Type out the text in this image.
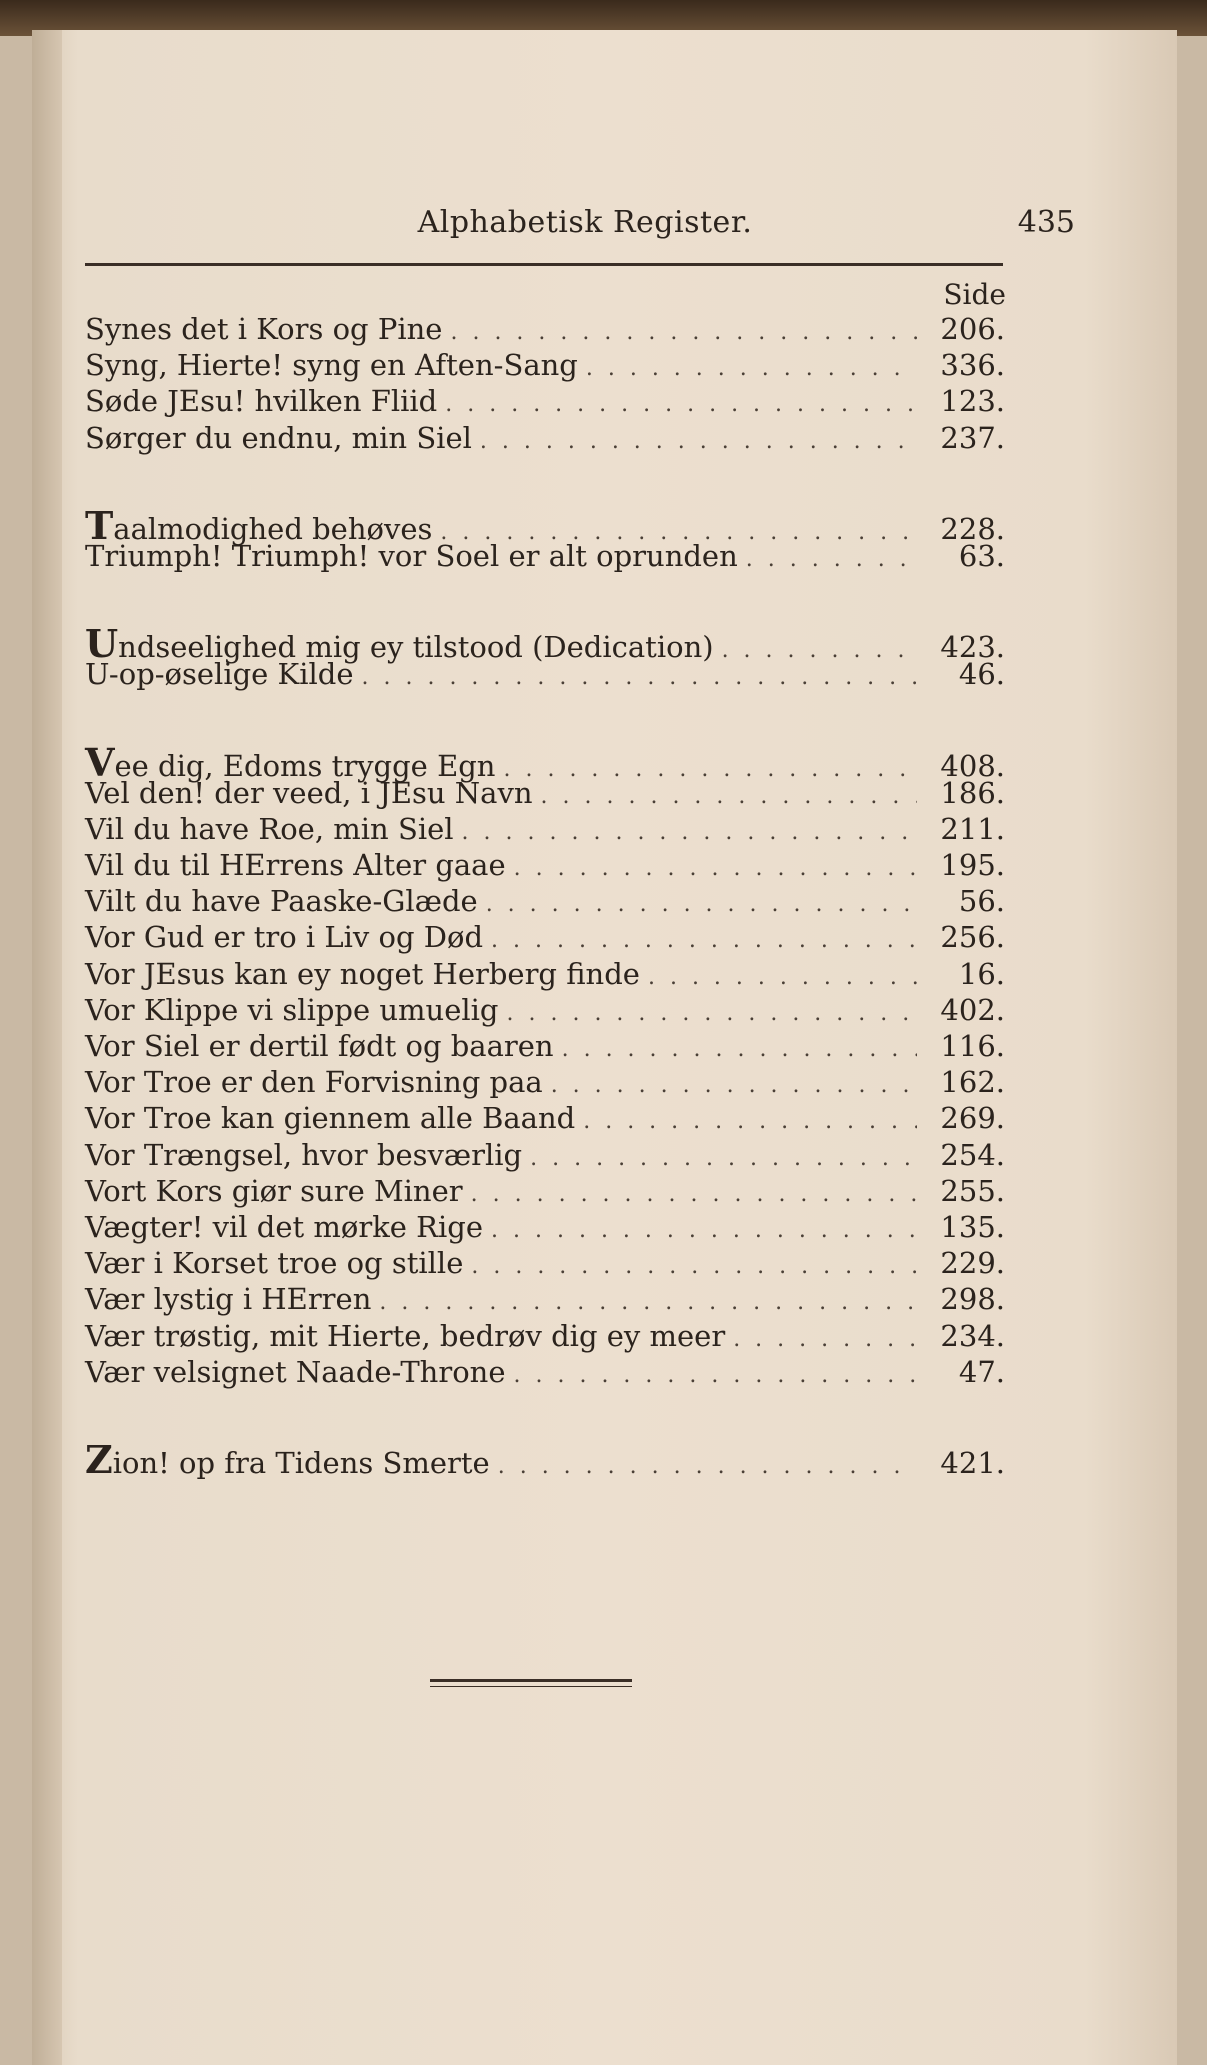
Alphabetisk Register.	435
Side
Synes det i Kors og Pine . . .	206.
Syng, Hierte! syng en Aften-Sang . . .	336.
Søde JEsu! hvilken Fliid . . .	123.
Sørger du endnu, min Siel . . .	237.
Taalmodighed behøves . . .	228.
Triumph! Triumph! vor Soel er alt oprunden . . .	63.
Undseelighed mig ey tilstood (Dedication) . . .	423.
U-op-øselige Kilde . . .	46.
Vee dig, Edoms trygge Egn . . .	408.
Vel den! der veed, i JEsu Navn . . .	186.
Vil du have Roe, min Siel . . .	211.
Vil du til HErrens Alter gaae . . .	195.
Vilt du have Paaske-Glæde . . .	56.
Vor Gud er tro i Liv og Død . . .	256.
Vor JEsus kan ey noget Herberg finde . . .	16.
Vor Klippe vi slippe umuelig . . .	402.
Vor Siel er dertil født og baaren . . .	116.
Vor Troe er den Forvisning paa . . .	162.
Vor Troe kan giennem alle Baand . . .	269.
Vor Trængsel, hvor besværlig . . .	254.
Vort Kors giør sure Miner . . .	255.
Vægter! vil det mørke Rige . . .	135.
Vær i Korset troe og stille . . .	229.
Vær lystig i HErren . . .	298.
Vær trøstig, mit Hierte, bedrøv dig ey meer . . .	234.
Vær velsignet Naade-Throne . . .	47.
Zion! op fra Tidens Smerte . . .	421.
